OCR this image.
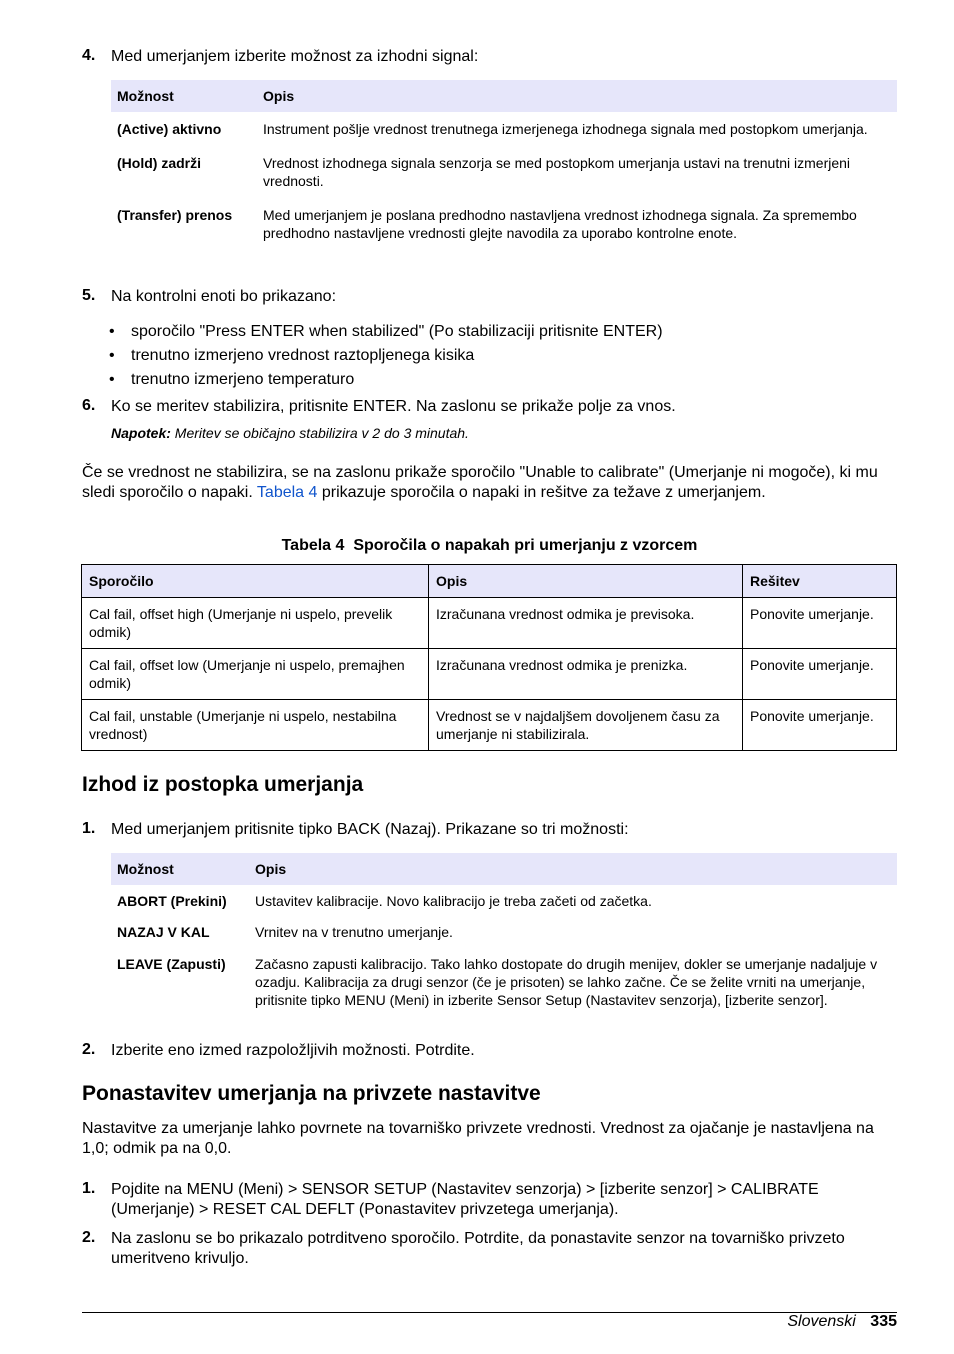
4. Med umerjanjem izberite možnost za izhodni signal:
Možnost	Opis
(Active) aktivno	Instrument pošlje vrednost trenutnega izmerjenega izhodnega signala med postopkom umerjanja.
(Hold) zadrži	Vrednost izhodnega signala senzorja se med postopkom umerjanja ustavi na trenutni izmerjeni vrednosti.
(Transfer) prenos	Med umerjanjem je poslana predhodno nastavljena vrednost izhodnega signala. Za spremembo predhodno nastavljene vrednosti glejte navodila za uporabo kontrolne enote.
5. Na kontrolni enoti bo prikazano:
• sporočilo "Press ENTER when stabilized" (Po stabilizaciji pritisnite ENTER)
• trenutno izmerjeno vrednost raztopljenega kisika
• trenutno izmerjeno temperaturo
6. Ko se meritev stabilizira, pritisnite ENTER. Na zaslonu se prikaže polje za vnos.
Napotek: Meritev se običajno stabilizira v 2 do 3 minutah.
Če se vrednost ne stabilizira, se na zaslonu prikaže sporočilo "Unable to calibrate" (Umerjanje ni mogoče), ki mu sledi sporočilo o napaki. Tabela 4 prikazuje sporočila o napaki in rešitve za težave z umerjanjem.
Tabela 4  Sporočila o napakah pri umerjanju z vzorcem
Sporočilo	Opis	Rešitev
Cal fail, offset high (Umerjanje ni uspelo, prevelik odmik)	Izračunana vrednost odmika je previsoka.	Ponovite umerjanje.
Cal fail, offset low (Umerjanje ni uspelo, premajhen odmik)	Izračunana vrednost odmika je prenizka.	Ponovite umerjanje.
Cal fail, unstable (Umerjanje ni uspelo, nestabilna vrednost)	Vrednost se v najdaljšem dovoljenem času za umerjanje ni stabilizirala.	Ponovite umerjanje.
Izhod iz postopka umerjanja
1. Med umerjanjem pritisnite tipko BACK (Nazaj). Prikazane so tri možnosti:
Možnost	Opis
ABORT (Prekini)	Ustavitev kalibracije. Novo kalibracijo je treba začeti od začetka.
NAZAJ V KAL	Vrnitev na v trenutno umerjanje.
LEAVE (Zapusti)	Začasno zapusti kalibracijo. Tako lahko dostopate do drugih menijev, dokler se umerjanje nadaljuje v ozadju. Kalibracija za drugi senzor (če je prisoten) se lahko začne. Če se želite vrniti na umerjanje, pritisnite tipko MENU (Meni) in izberite Sensor Setup (Nastavitev senzorja), [izberite senzor].
2. Izberite eno izmed razpoložljivih možnosti. Potrdite.
Ponastavitev umerjanja na privzete nastavitve
Nastavitve za umerjanje lahko povrnete na tovarniško privzete vrednosti. Vrednost za ojačanje je nastavljena na 1,0; odmik pa na 0,0.
1. Pojdite na MENU (Meni) > SENSOR SETUP (Nastavitev senzorja) > [izberite senzor] > CALIBRATE (Umerjanje) > RESET CAL DEFLT (Ponastavitev privzetega umerjanja).
2. Na zaslonu se bo prikazalo potrditveno sporočilo. Potrdite, da ponastavite senzor na tovarniško privzeto umeritveno krivuljo.
Slovenski 335
